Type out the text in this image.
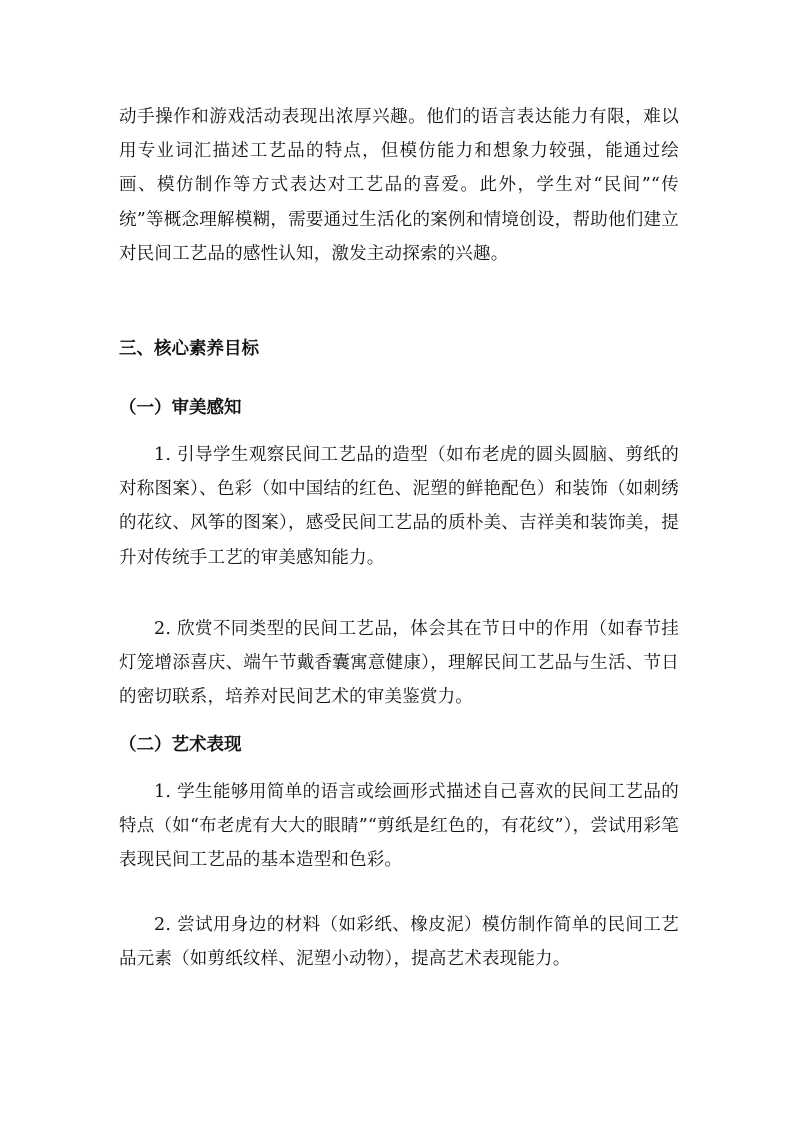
动手操作和游戏活动表现出浓厚兴趣。他们的语言表达能力有限，难以用专业词汇描述工艺品的特点，但模仿能力和想象力较强，能通过绘画、模仿制作等方式表达对工艺品的喜爱。此外，学生对“民间”“传统”等概念理解模糊，需要通过生活化的案例和情境创设，帮助他们建立对民间工艺品的感性认知，激发主动探索的兴趣。

三、核心素养目标
（一）审美感知

1. 引导学生观察民间工艺品的造型（如布老虎的圆头圆脑、剪纸的对称图案）、色彩（如中国结的红色、泥塑的鲜艳配色）和装饰（如刺绣的花纹、风筝的图案），感受民间工艺品的质朴美、吉祥美和装饰美，提升对传统手工艺的审美感知能力。

2. 欣赏不同类型的民间工艺品，体会其在节日中的作用（如春节挂灯笼增添喜庆、端午节戴香囊寓意健康），理解民间工艺品与生活、节日的密切联系，培养对民间艺术的审美鉴赏力。

（二）艺术表现

1. 学生能够用简单的语言或绘画形式描述自己喜欢的民间工艺品的特点（如“布老虎有大大的眼睛”“剪纸是红色的，有花纹”），尝试用彩笔表现民间工艺品的基本造型和色彩。

2. 尝试用身边的材料（如彩纸、橡皮泥）模仿制作简单的民间工艺品元素（如剪纸纹样、泥塑小动物），提高艺术表现能力。
